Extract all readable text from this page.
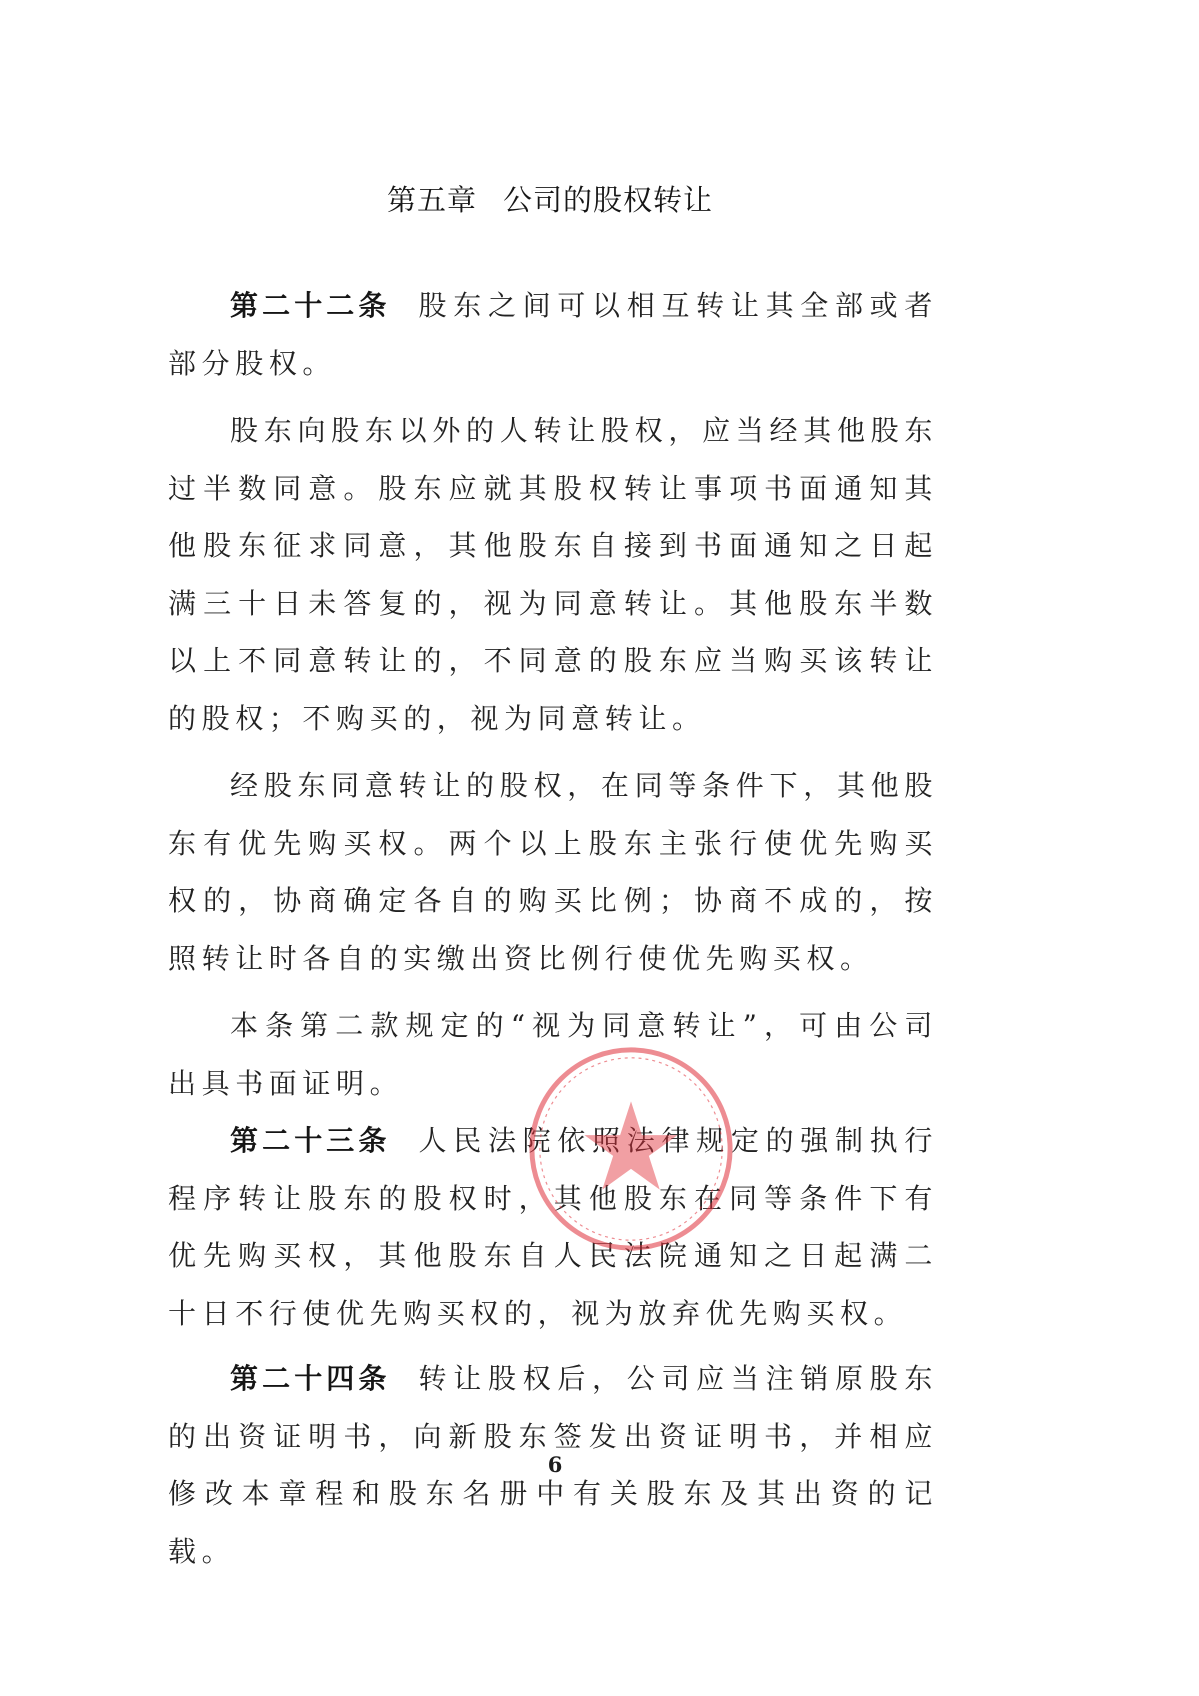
第五章 公司的股权转让

第二十二条 股东之间可以相互转让其全部或者部分股权。

股东向股东以外的人转让股权，应当经其他股东过半数同意。股东应就其股权转让事项书面通知其他股东征求同意，其他股东自接到书面通知之日起满三十日未答复的，视为同意转让。其他股东半数以上不同意转让的，不同意的股东应当购买该转让的股权；不购买的，视为同意转让。

经股东同意转让的股权，在同等条件下，其他股东有优先购买权。两个以上股东主张行使优先购买权的，协商确定各自的购买比例；协商不成的，按照转让时各自的实缴出资比例行使优先购买权。

本条第二款规定的“视为同意转让”，可由公司出具书面证明。

第二十三条 人民法院依照法律规定的强制执行程序转让股东的股权时，其他股东在同等条件下有优先购买权，其他股东自人民法院通知之日起满二十日不行使优先购买权的，视为放弃优先购买权。

第二十四条 转让股权后，公司应当注销原股东的出资证明书，向新股东签发出资证明书，并相应修改本章程和股东名册中有关股东及其出资的记载。

6
